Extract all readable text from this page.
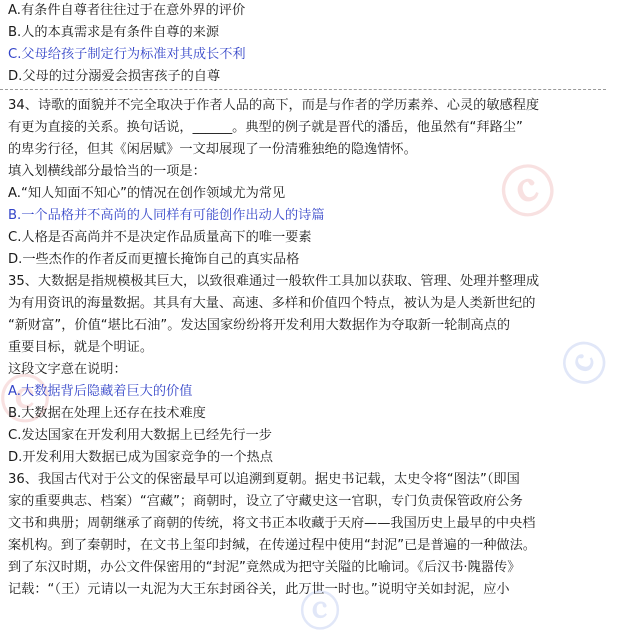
ⓒ
ⓒ
ⓒ
ⓒ
A.有条件自尊者往往过于在意外界的评价
B.人的本真需求是有条件自尊的来源
C.父母给孩子制定行为标准对其成长不利
D.父母的过分溺爱会损害孩子的自尊
34、诗歌的面貌并不完全取决于作者人品的高下，而是与作者的学历素养、心灵的敏感程度
有更为直接的关系。换句话说，______。典型的例子就是晋代的潘岳，他虽然有“拜路尘”
的卑劣行径，但其《闲居赋》一文却展现了一份清雅独绝的隐逸情怀。
填入划横线部分最恰当的一项是：
A.“知人知面不知心”的情况在创作领域尤为常见
B.一个品格并不高尚的人同样有可能创作出动人的诗篇
C.人格是否高尚并不是决定作品质量高下的唯一要素
D.一些杰作的作者反而更擅长掩饰自己的真实品格
35、大数据是指规模极其巨大，以致很难通过一般软件工具加以获取、管理、处理并整理成
为有用资讯的海量数据。其具有大量、高速、多样和价值四个特点，被认为是人类新世纪的
“新财富”，价值“堪比石油”。发达国家纷纷将开发利用大数据作为夺取新一轮制高点的
重要目标，就是个明证。
这段文字意在说明：
A.大数据背后隐藏着巨大的价值
B.大数据在处理上还存在技术难度
C.发达国家在开发利用大数据上已经先行一步
D.开发利用大数据已成为国家竞争的一个热点
36、我国古代对于公文的保密最早可以追溯到夏朝。据史书记载，太史令将“图法”（即国
家的重要典志、档案）“宫藏”；商朝时，设立了守藏史这一官职，专门负责保管政府公务
文书和典册；周朝继承了商朝的传统，将文书正本收藏于天府——我国历史上最早的中央档
案机构。到了秦朝时，在文书上玺印封缄，在传递过程中使用“封泥”已是普遍的一种做法。
到了东汉时期，办公文件保密用的“封泥”竟然成为把守关隘的比喻词。《后汉书·隗嚣传》
记载：“（王）元请以一丸泥为大王东封函谷关，此万世一时也。”说明守关如封泥，应小
